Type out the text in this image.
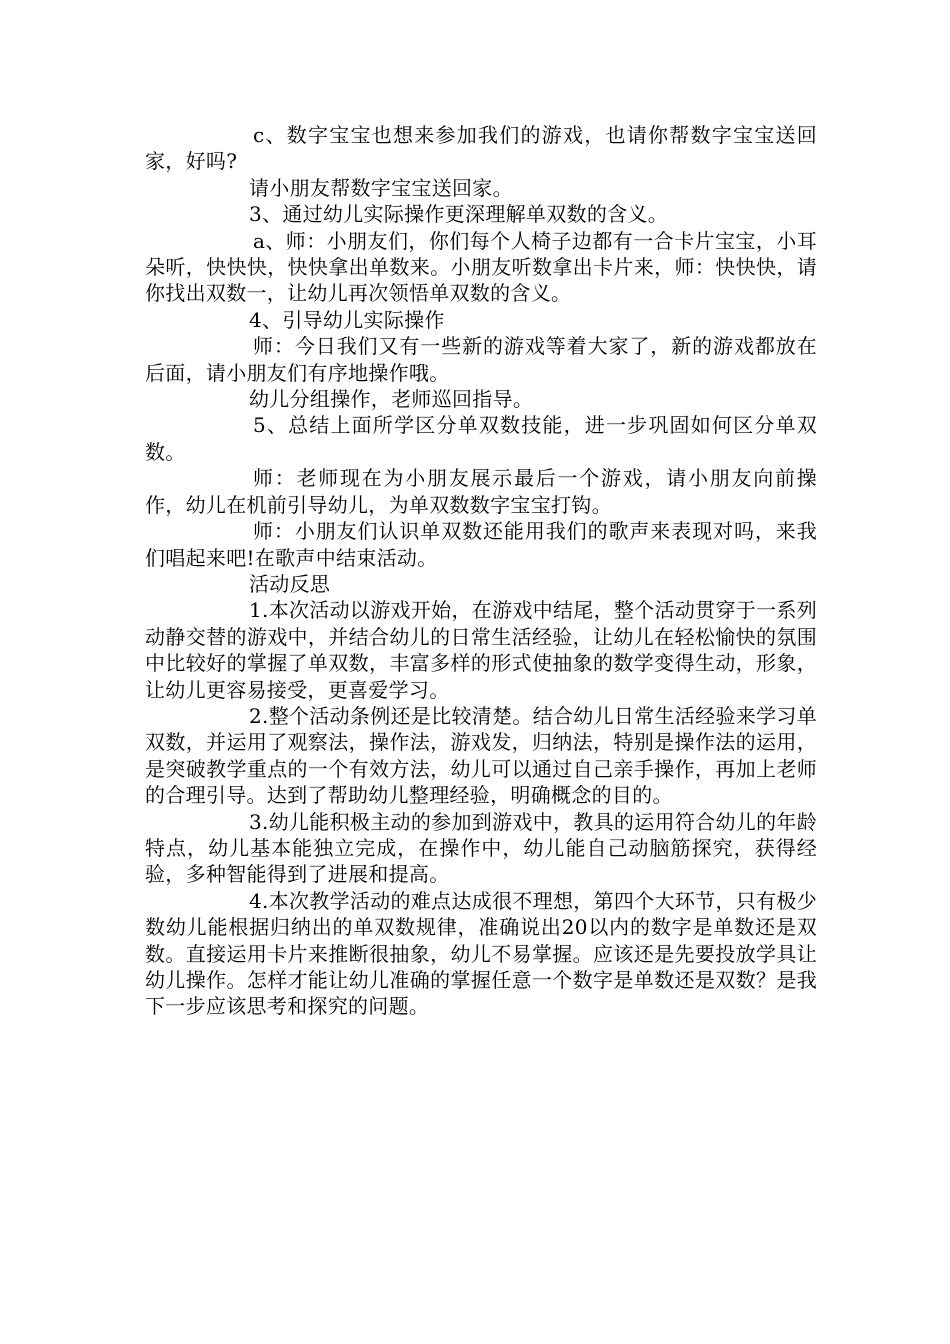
c、数字宝宝也想来参加我们的游戏，也请你帮数字宝宝送回家，好吗?

请小朋友帮数字宝宝送回家。

3、通过幼儿实际操作更深理解单双数的含义。

a、师：小朋友们，你们每个人椅子边都有一合卡片宝宝，小耳朵听，快快快，快快拿出单数来。小朋友听数拿出卡片来，师：快快快，请你找出双数一，让幼儿再次领悟单双数的含义。

4、引导幼儿实际操作

师：今日我们又有一些新的游戏等着大家了，新的游戏都放在后面，请小朋友们有序地操作哦。

幼儿分组操作，老师巡回指导。

5、总结上面所学区分单双数技能，进一步巩固如何区分单双数。

师：老师现在为小朋友展示最后一个游戏，请小朋友向前操作，幼儿在机前引导幼儿，为单双数数字宝宝打钩。

师：小朋友们认识单双数还能用我们的歌声来表现对吗，来我们唱起来吧!在歌声中结束活动。

活动反思

1.本次活动以游戏开始，在游戏中结尾，整个活动贯穿于一系列动静交替的游戏中，并结合幼儿的日常生活经验，让幼儿在轻松愉快的氛围中比较好的掌握了单双数，丰富多样的形式使抽象的数学变得生动，形象，让幼儿更容易接受，更喜爱学习。

2.整个活动条例还是比较清楚。结合幼儿日常生活经验来学习单双数，并运用了观察法，操作法，游戏发，归纳法，特别是操作法的运用，是突破教学重点的一个有效方法，幼儿可以通过自己亲手操作，再加上老师的合理引导。达到了帮助幼儿整理经验，明确概念的目的。

3.幼儿能积极主动的参加到游戏中，教具的运用符合幼儿的年龄特点，幼儿基本能独立完成，在操作中，幼儿能自己动脑筋探究，获得经验，多种智能得到了进展和提高。

4.本次教学活动的难点达成很不理想，第四个大环节，只有极少数幼儿能根据归纳出的单双数规律，准确说出20以内的数字是单数还是双数。直接运用卡片来推断很抽象，幼儿不易掌握。应该还是先要投放学具让幼儿操作。怎样才能让幼儿准确的掌握任意一个数字是单数还是双数？是我下一步应该思考和探究的问题。
